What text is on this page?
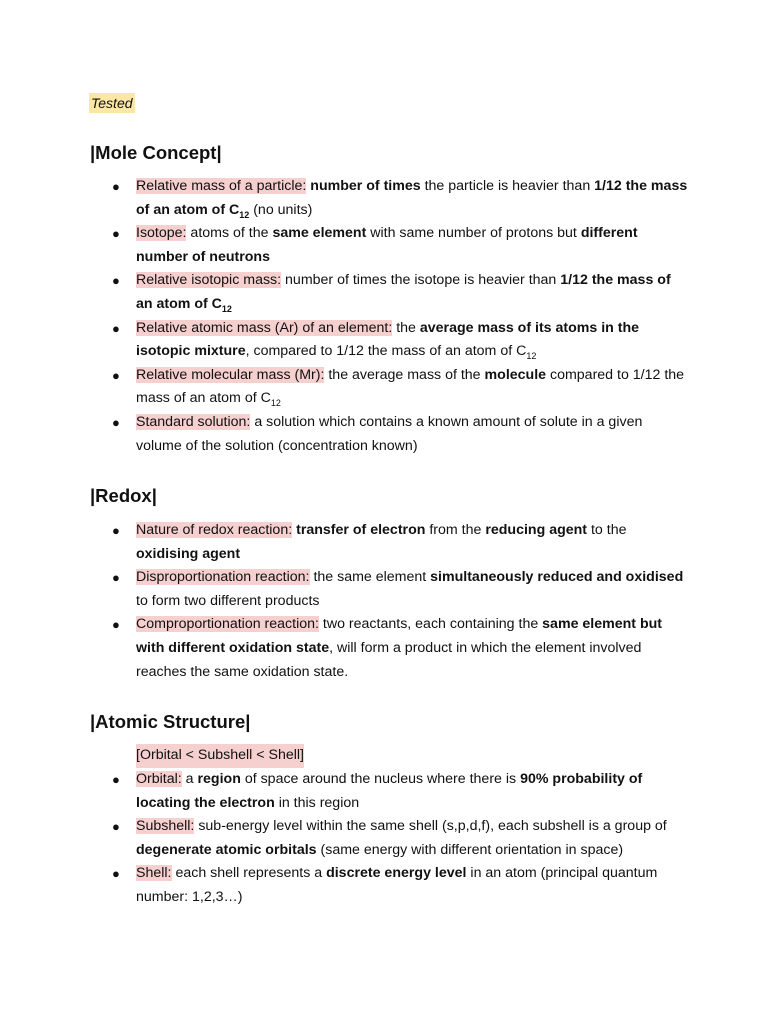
Tested
|Mole Concept|
● Relative mass of a particle: number of times the particle is heavier than 1/12 the mass of an atom of $C_{12}$ (no units)
● Isotope: atoms of the same element with same number of protons but different number of neutrons
● Relative isotopic mass: number of times the isotope is heavier than 1/12 the mass of an atom of $C_{12}$
● Relative atomic mass (Ar) of an element: the average mass of its atoms in the isotopic mixture, compared to 1/12 the mass of an atom of $C_{12}$
● Relative molecular mass (Mr): the average mass of the molecule compared to 1/12 the mass of an atom of $C_{12}$
● Standard solution: a solution which contains a known amount of solute in a given volume of the solution (concentration known)
|Redox|
● Nature of redox reaction: transfer of electron from the reducing agent to the oxidising agent
● Disproportionation reaction: the same element simultaneously reduced and oxidised to form two different products
● Comproportionation reaction: two reactants, each containing the same element but with different oxidation state, will form a product in which the element involved reaches the same oxidation state.
|Atomic Structure|
[Orbital < Subshell < Shell]
● Orbital: a region of space around the nucleus where there is 90% probability of locating the electron in this region
● Subshell: sub-energy level within the same shell (s,p,d,f), each subshell is a group of degenerate atomic orbitals (same energy with different orientation in space)
● Shell: each shell represents a discrete energy level in an atom (principal quantum number: 1,2,3…)
